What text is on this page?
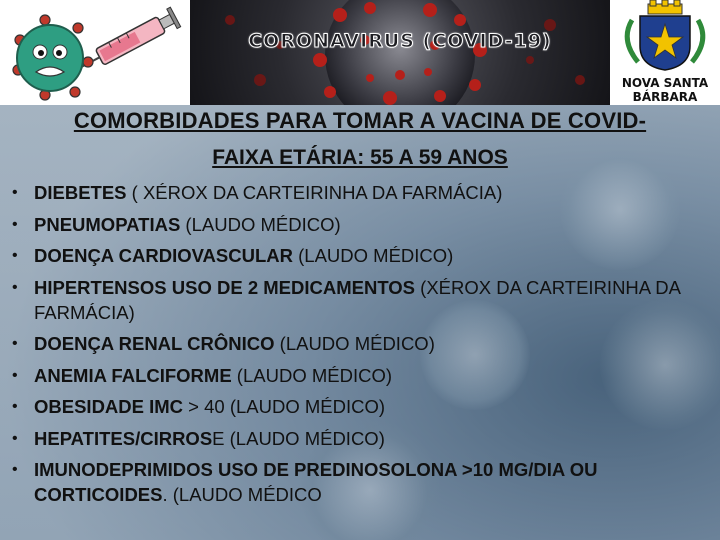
CORONAVIRUS (COVID-19)
NOVA SANTA
BÁRBARA
COMORBIDADES PARA TOMAR A VACINA DE COVID-
FAIXA ETÁRIA: 55 A 59 ANOS
• DIEBETES ( XÉROX DA CARTEIRINHA DA FARMÁCIA)
• PNEUMOPATIAS (LAUDO MÉDICO)
• DOENÇA CARDIOVASCULAR (LAUDO MÉDICO)
• HIPERTENSOS USO DE 2 MEDICAMENTOS (XÉROX DA CARTEIRINHA DA FARMÁCIA)
• DOENÇA RENAL CRÔNICO (LAUDO MÉDICO)
• ANEMIA FALCIFORME (LAUDO MÉDICO)
• OBESIDADE IMC > 40 (LAUDO MÉDICO)
• HEPATITES/CIRROSE (LAUDO MÉDICO)
• IMUNODEPRIMIDOS USO DE PREDINOSOLONA >10 MG/DIA OU CORTICOIDES. (LAUDO MÉDICO
